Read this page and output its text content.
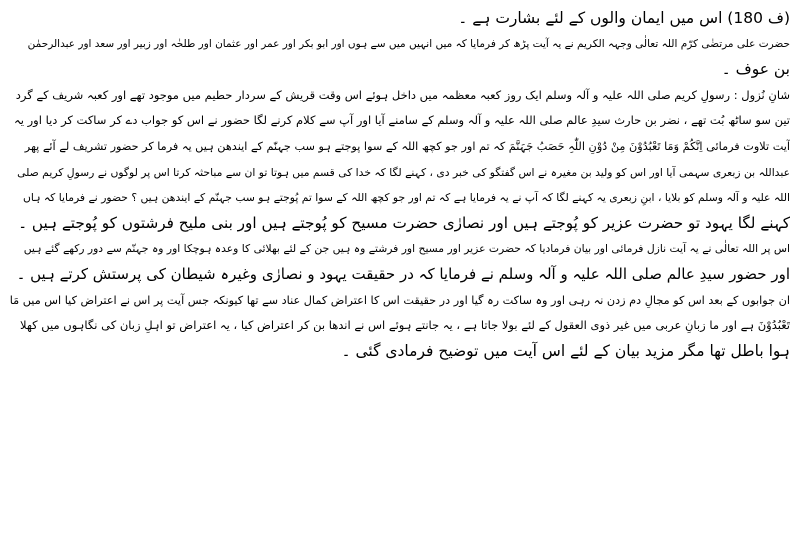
(ف 180) اس میں ایمان والوں کے لئے بشارت ہے ۔

حضرت علی مرتضٰی کرّم اللہ تعالٰی وجہہ الکریم نے یہ آیت پڑھ کر فرمایا کہ میں انہیں میں سے ہوں اور ابو بکر اور عمر اور عثمان اور طلحٰہ اور زبیر اور سعد اور عبدالرحمٰن

بن عوف ۔

شانِ نُزول : رسولِ کریم صلی اللہ علیہ و آلہ وسلم ایک روز کعبہ معظمہ میں داخل ہوئے اس وقت قریش کے سردار حطیم میں موجود تھے اور کعبہ شریف کے گرد

تین سو ساٹھ بُت تھے ، نضر بن حارث سیدِ عالم صلی اللہ علیہ و آلہ وسلم کے سامنے آیا اور آپ سے کلام کرنے لگا حضور نے اس کو جواب دے کر ساکت کر دیا اور یہ

آیت تلاوت فرمائی اِنَّکُمْ وَمَا تَعْبُدُوْنَ مِنْ دُوْنِ اللّٰہِ حَصَبُ جَہَنَّمَ کہ تم اور جو کچھ اللہ کے سوا پوجتے ہو سب جہنّم کے ایندھن ہیں یہ فرما کر حضور تشریف لے آئے پھر

عبداللہ بن زبعری سہمی آیا اور اس کو ولید بن مغیرہ نے اس گفتگو کی خبر دی ، کہنے لگا کہ خدا کی قسم میں ہوتا تو ان سے مباحثہ کرتا اس پر لوگوں نے رسولِ کریم صلی

اللہ علیہ و آلہ وسلم کو بلایا ، ابنِ زبعری یہ کہنے لگا کہ آپ نے یہ فرمایا ہے کہ تم اور جو کچھ اللہ کے سوا تم پُوجتے ہو سب جہنّم کے ایندھن ہیں ؟ حضور نے فرمایا کہ ہاں

کہنے لگا یہود تو حضرت عزیر کو پُوجتے ہیں اور نصارٰی حضرت مسیح کو پُوجتے ہیں اور بنی ملیح فرشتوں کو پُوجتے ہیں ۔

اس پر اللہ تعالٰی نے یہ آیت نازل فرمائی اور بیان فرمادیا کہ حضرت عزیر اور مسیح اور فرشتے وہ ہیں جن کے لئے بھلائی کا وعدہ ہوچکا اور وہ جہنّم سے دور رکھے گئے ہیں

اور حضور سیدِ عالم صلی اللہ علیہ و آلہ وسلم نے فرمایا کہ در حقیقت یہود و نصارٰی وغیرہ شیطان کی پرستش کرتے ہیں ۔

ان جوابوں کے بعد اس کو مجالِ دم زدن نہ رہی اور وہ ساکت رہ گیا اور در حقیقت اس کا اعتراض کمال عناد سے تھا کیونکہ جس آیت پر اس نے اعتراض کیا اس میں مَا

تَعْبُدُوْنَ ہے اور ما زبانِ عربی میں غیر ذوی العقول کے لئے بولا جاتا ہے ، یہ جانتے ہوئے اس نے اندھا بن کر اعتراض کیا ، یہ اعتراض تو اہلِ زبان کی نگاہوں میں کھلا

ہوا باطل تھا مگر مزید بیان کے لئے اس آیت میں توضیح فرمادی گئی ۔
